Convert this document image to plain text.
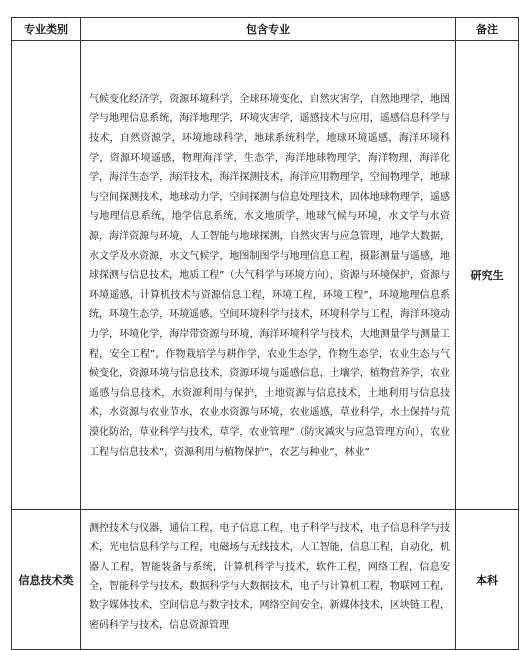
专业类别	包含专业	备注
	气候变化经济学，资源环境科学，全球环境变化，自然灾害学，自然地理学，地图学与地理信息系统，海洋地理学，环境灾害学，遥感技术与应用，遥感信息科学与技术，自然资源学，环境地球科学，地球系统科学，地球环境遥感，海洋环境科学，资源环境遥感，物理海洋学，生态学，海洋地球物理学，海洋物理，海洋化学，海洋生态学，海洋技术，海洋探测技术，海洋应用物理学，空间物理学，地球与空间探测技术，地球动力学，空间探测与信息处理技术，固体地球物理学，遥感与地理信息系统，地学信息系统，水文地质学，地球气候与环境，水文学与水资源，海洋资源与环境，人工智能与地球探测，自然灾害与应急管理，地学大数据，水文学及水资源，水文气候学，地图制图学与地理信息工程，摄影测量与遥感，地球探测与信息技术，地质工程”（大气科学与环境方向），资源与环境保护，资源与环境遥感，计算机技术与资源信息工程，环境工程，环境工程”，环境地理信息系统，环境生态学，环境遥感，空间环境科学与技术，环境科学与工程，海洋环境动力学，环境化学，海岸带资源与环境，海洋环境科学与技术，大地测量学与测量工程，安全工程”，作物栽培学与耕作学，农业生态学，作物生态学，农业生态与气候变化，资源环境与信息技术，资源环境与遥感信息，土壤学，植物营养学，农业遥感与信息技术，水资源利用与保护，土地资源与信息技术，土地利用与信息技术，水资源与农业节水，农业水资源与环境，农业遥感，草业科学，水土保持与荒漠化防治，草业科学与技术，草学，农业管理”（防灾减灾与应急管理方向），农业工程与信息技术”，资源利用与植物保护”，农艺与种业”，林业”	研究生
信息技术类	测控技术与仪器，通信工程，电子信息工程，电子科学与技术，电子信息科学与技术，光电信息科学与工程，电磁场与无线技术，人工智能，信息工程，自动化，机器人工程，智能装备与系统，计算机科学与技术，软件工程，网络工程，信息安全，智能科学与技术，数据科学与大数据技术，电子与计算机工程，物联网工程，数字媒体技术，空间信息与数字技术，网络空间安全，新媒体技术，区块链工程，密码科学与技术，信息资源管理	本科
